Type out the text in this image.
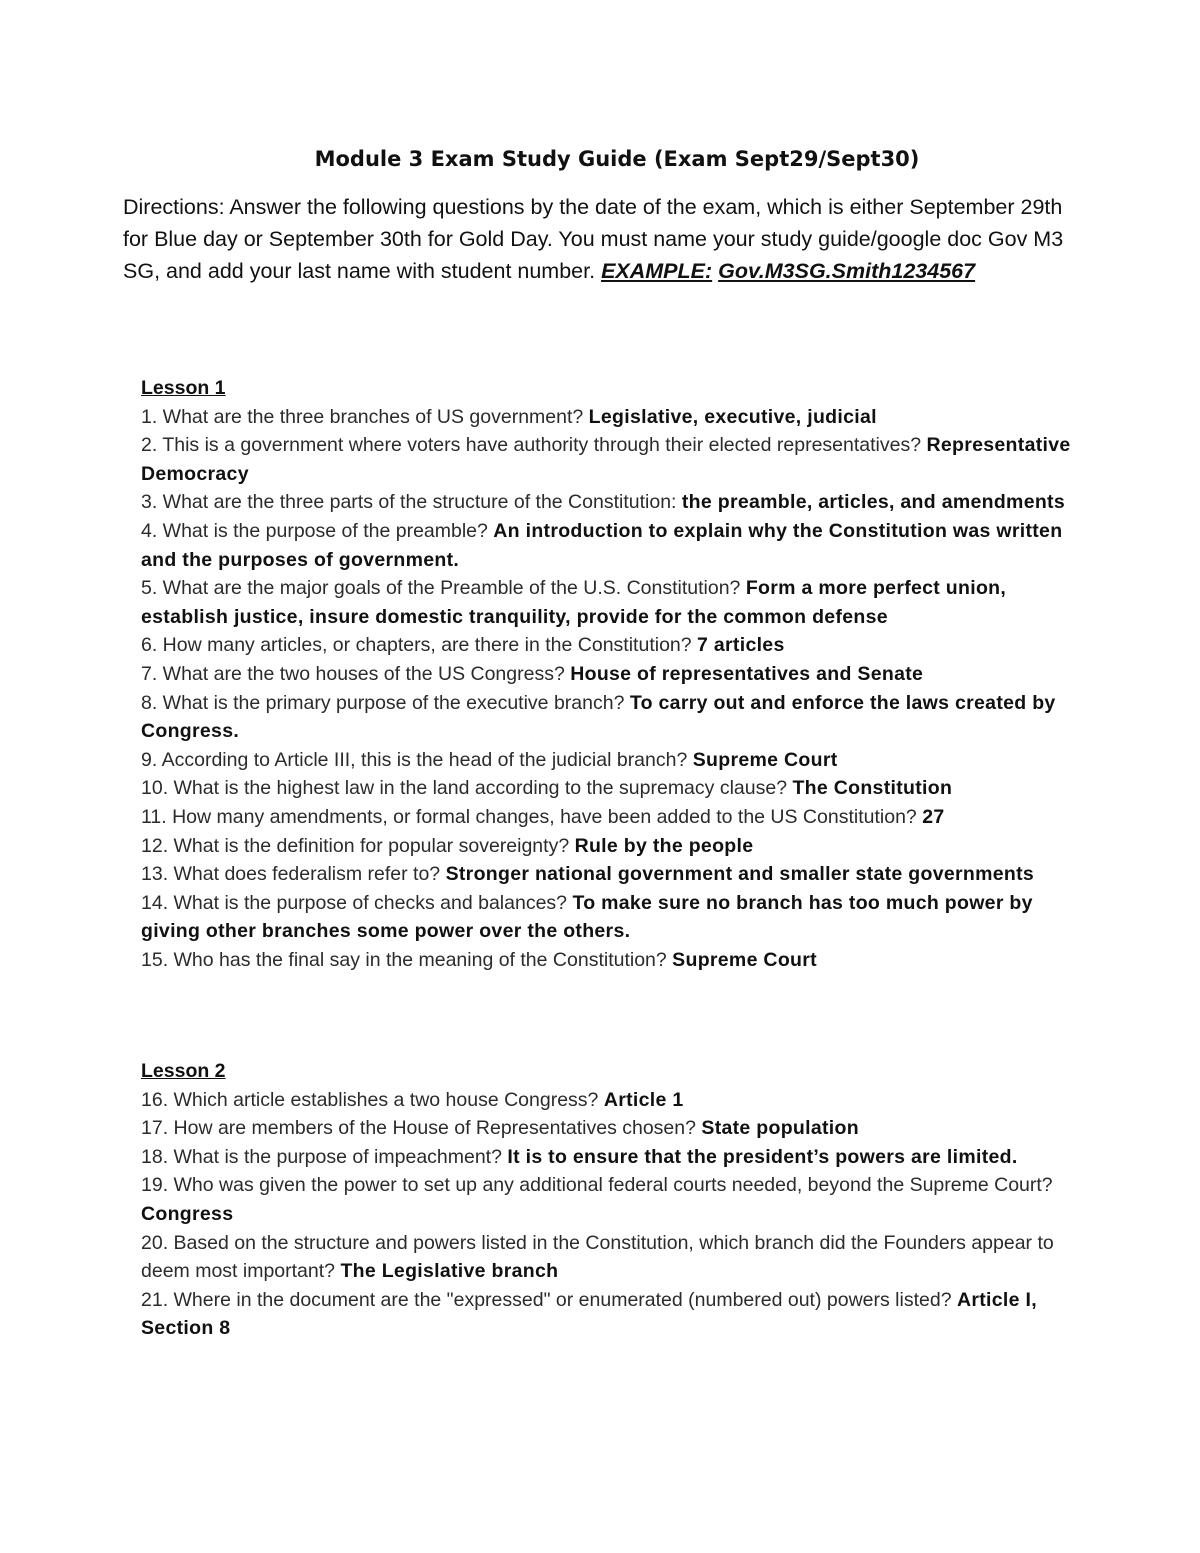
Module 3 Exam Study Guide (Exam Sept29/Sept30)
Directions: Answer the following questions by the date of the exam, which is either September 29th for Blue day or September 30th for Gold Day. You must name your study guide/google doc Gov M3 SG, and add your last name with student number. EXAMPLE: Gov.M3SG.Smith1234567
Lesson 1

1. What are the three branches of US government? Legislative, executive, judicial

2. This is a government where voters have authority through their elected representatives? Representative Democracy

3. What are the three parts of the structure of the Constitution: the preamble, articles, and amendments

4. What is the purpose of the preamble? An introduction to explain why the Constitution was written and the purposes of government.

5. What are the major goals of the Preamble of the U.S. Constitution? Form a more perfect union, establish justice, insure domestic tranquility, provide for the common defense

6. How many articles, or chapters, are there in the Constitution? 7 articles

7. What are the two houses of the US Congress? House of representatives and Senate

8. What is the primary purpose of the executive branch? To carry out and enforce the laws created by Congress.

9. According to Article III, this is the head of the judicial branch? Supreme Court

10. What is the highest law in the land according to the supremacy clause? The Constitution

11. How many amendments, or formal changes, have been added to the US Constitution? 27

12. What is the definition for popular sovereignty? Rule by the people

13. What does federalism refer to? Stronger national government and smaller state governments

14. What is the purpose of checks and balances? To make sure no branch has too much power by giving other branches some power over the others.

15. Who has the final say in the meaning of the Constitution? Supreme Court

Lesson 2

16. Which article establishes a two house Congress? Article 1

17. How are members of the House of Representatives chosen? State population

18. What is the purpose of impeachment? It is to ensure that the president’s powers are limited.

19. Who was given the power to set up any additional federal courts needed, beyond the Supreme Court? Congress

20. Based on the structure and powers listed in the Constitution, which branch did the Founders appear to deem most important? The Legislative branch

21. Where in the document are the "expressed" or enumerated (numbered out) powers listed? Article I, Section 8
